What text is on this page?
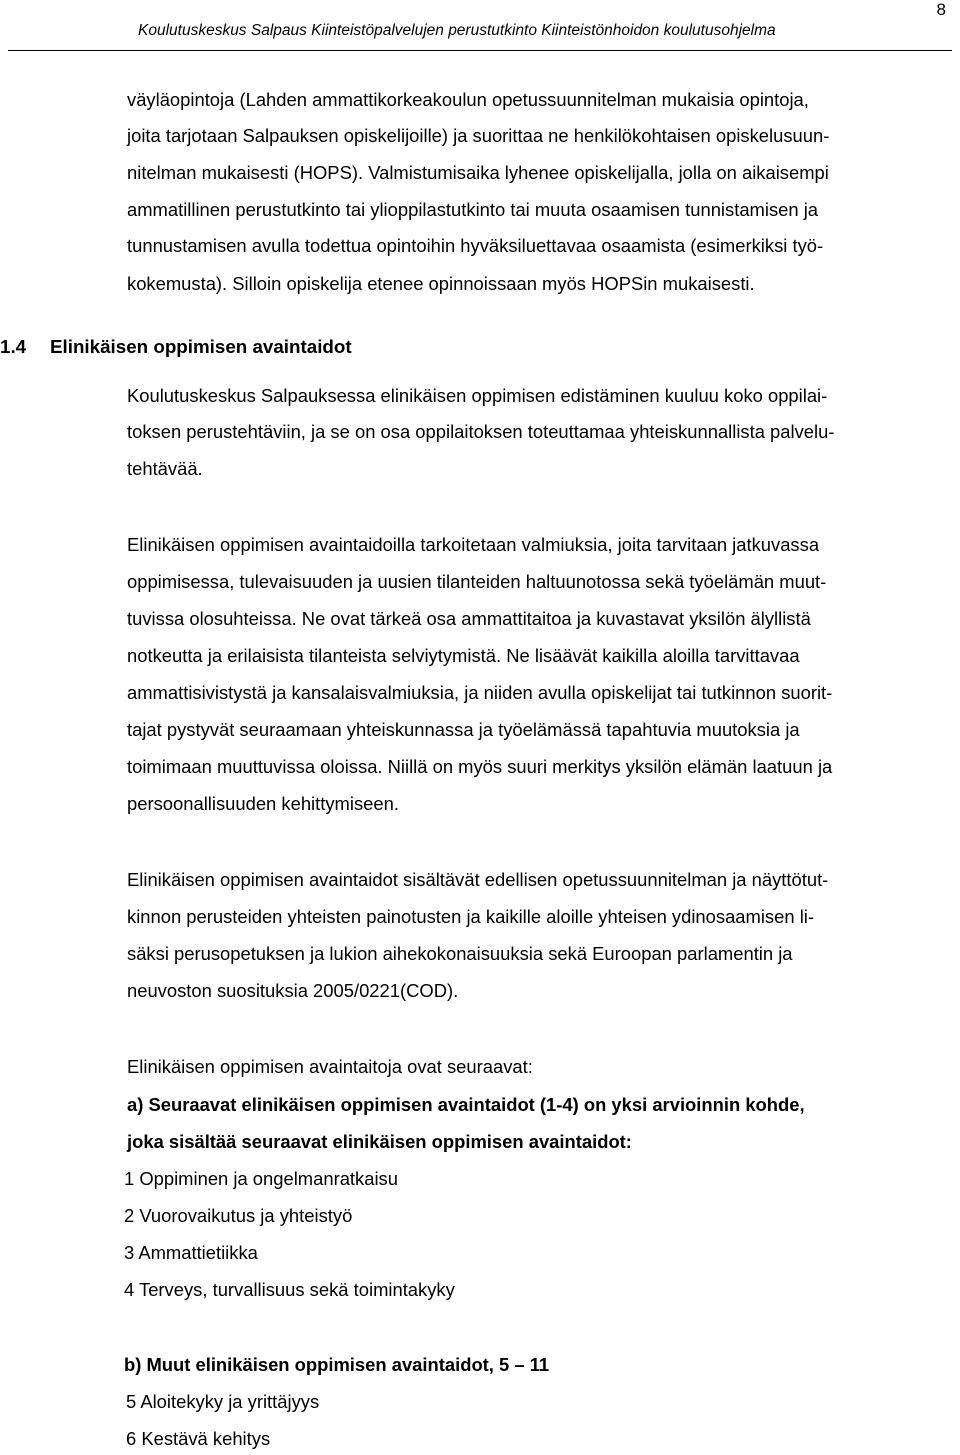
Koulutuskeskus Salpaus Kiinteistöpalvelujen perustutkinto Kiinteistönhoidon koulutusohjelma
8
väyläopintoja (Lahden ammattikorkeakoulun opetussuunnitelman mukaisia opintoja,
joita tarjotaan Salpauksen opiskelijoille) ja suorittaa ne henkilökohtaisen opiskelusuun-
nitelman mukaisesti (HOPS). Valmistumisaika lyhenee opiskelijalla, jolla on aikaisempi
ammatillinen perustutkinto tai ylioppilastutkinto tai muuta osaamisen tunnistamisen ja
tunnustamisen avulla todettua opintoihin hyväksiluettavaa osaamista (esimerkiksi työ-
kokemusta). Silloin opiskelija etenee opinnoissaan myös HOPSin mukaisesti.
1.4 Elinikäisen oppimisen avaintaidot
Koulutuskeskus Salpauksessa elinikäisen oppimisen edistäminen kuuluu koko oppilai-
toksen perustehtäviin, ja se on osa oppilaitoksen toteuttamaa yhteiskunnallista palvelu-
tehtävää.
Elinikäisen oppimisen avaintaidoilla tarkoitetaan valmiuksia, joita tarvitaan jatkuvassa
oppimisessa, tulevaisuuden ja uusien tilanteiden haltuunotossa sekä työelämän muut-
tuvissa olosuhteissa. Ne ovat tärkeä osa ammattitaitoa ja kuvastavat yksilön älyllistä
notkeutta ja erilaisista tilanteista selviytymistä. Ne lisäävät kaikilla aloilla tarvittavaa
ammattisivistystä ja kansalaisvalmiuksia, ja niiden avulla opiskelijat tai tutkinnon suorit-
tajat pystyvät seuraamaan yhteiskunnassa ja työelämässä tapahtuvia muutoksia ja
toimimaan muuttuvissa oloissa. Niillä on myös suuri merkitys yksilön elämän laatuun ja
persoonallisuuden kehittymiseen.
Elinikäisen oppimisen avaintaidot sisältävät edellisen opetussuunnitelman ja näyttötut-
kinnon perusteiden yhteisten painotusten ja kaikille aloille yhteisen ydinosaamisen li-
säksi perusopetuksen ja lukion aihekokonaisuuksia sekä Euroopan parlamentin ja
neuvoston suosituksia 2005/0221(COD).
Elinikäisen oppimisen avaintaitoja ovat seuraavat:
a) Seuraavat elinikäisen oppimisen avaintaidot (1-4) on yksi arvioinnin kohde,
joka sisältää seuraavat elinikäisen oppimisen avaintaidot:
1 Oppiminen ja ongelmanratkaisu
2 Vuorovaikutus ja yhteistyö
3 Ammattietiikka
4 Terveys, turvallisuus sekä toimintakyky
b) Muut elinikäisen oppimisen avaintaidot, 5 – 11
5 Aloitekyky ja yrittäjyys
6 Kestävä kehitys
